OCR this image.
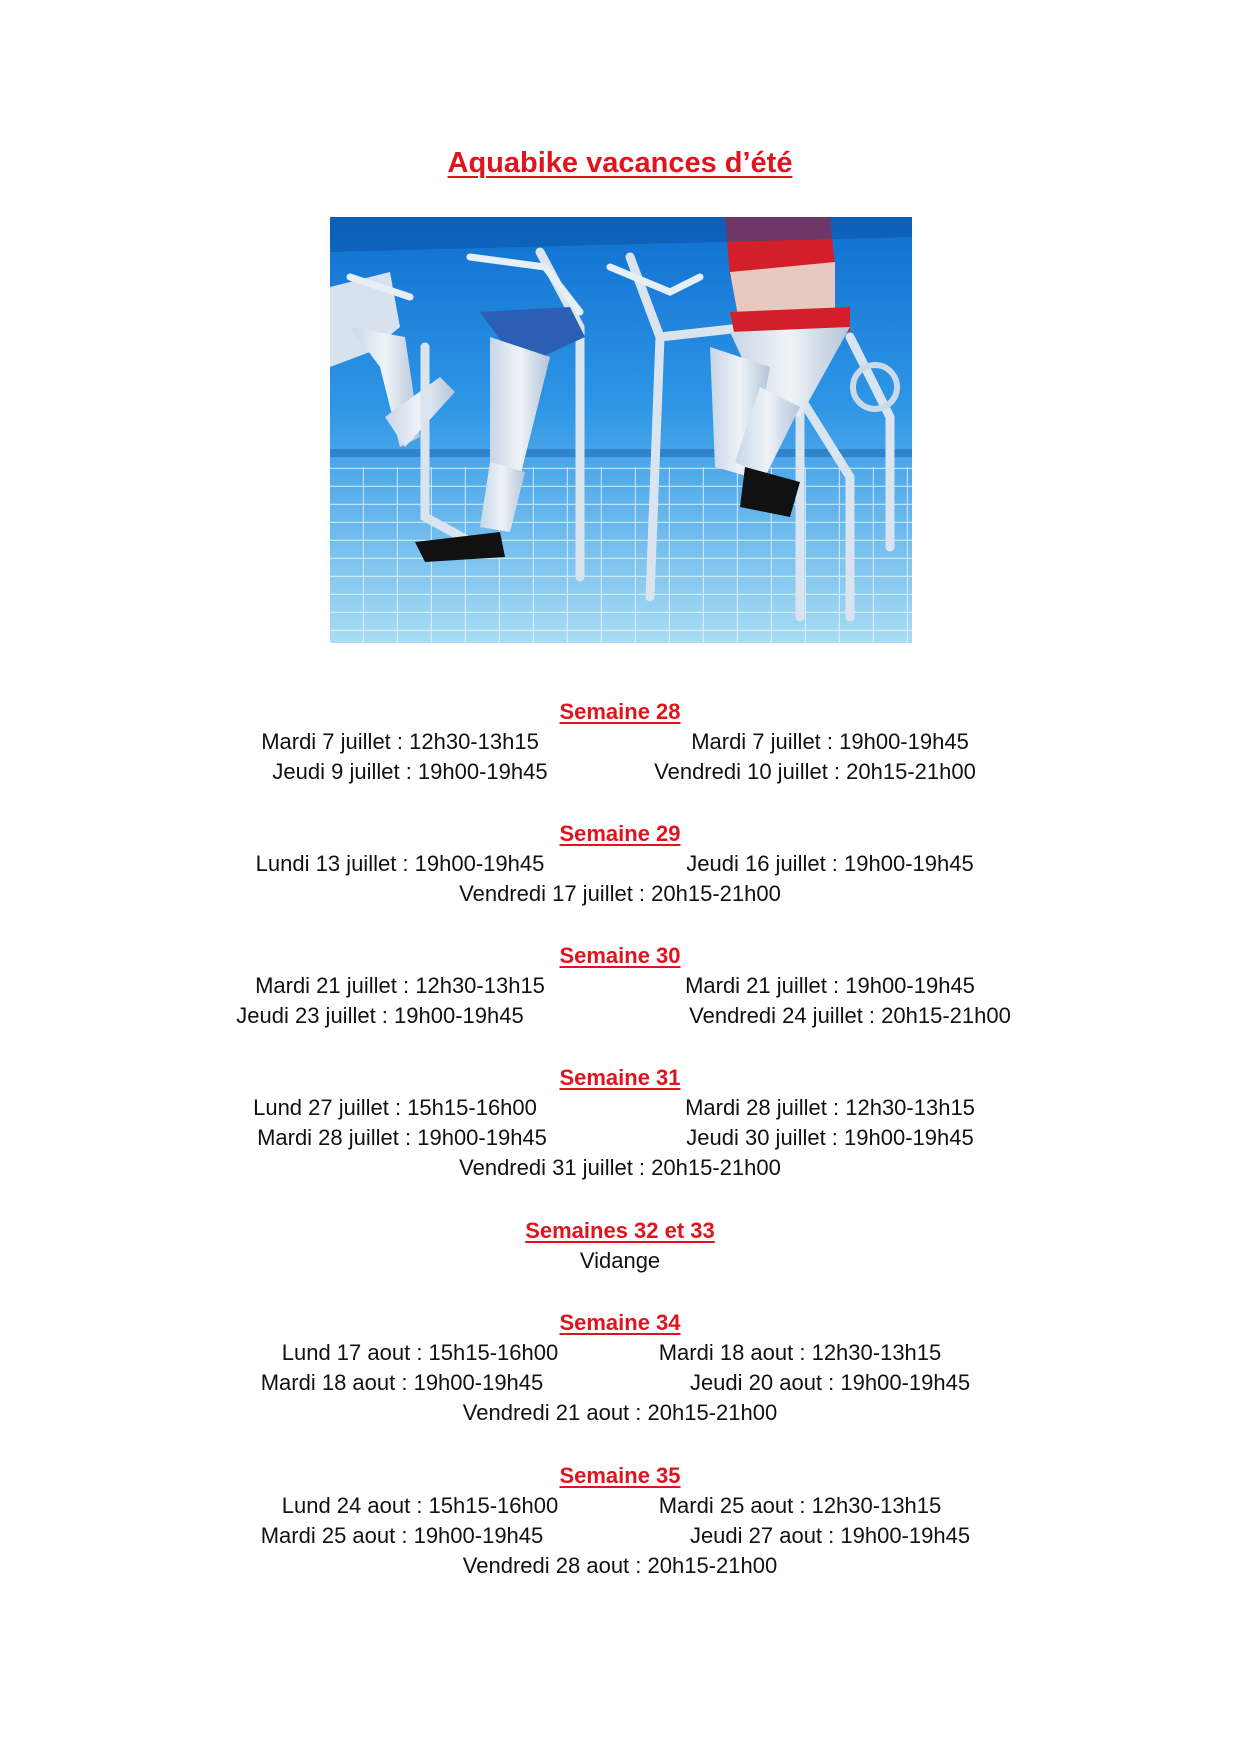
Aquabike vacances d’été
Semaine 28
Mardi 7 juillet : 12h30-13h15	Mardi 7 juillet : 19h00-19h45
Jeudi 9 juillet : 19h00-19h45	Vendredi 10 juillet : 20h15-21h00
Semaine 29
Lundi 13 juillet : 19h00-19h45	Jeudi 16 juillet : 19h00-19h45
Vendredi 17 juillet : 20h15-21h00
Semaine 30
Mardi 21 juillet : 12h30-13h15	Mardi 21 juillet : 19h00-19h45
Jeudi 23 juillet : 19h00-19h45	Vendredi 24 juillet : 20h15-21h00
Semaine 31
Lund 27 juillet : 15h15-16h00	Mardi 28 juillet : 12h30-13h15
Mardi 28 juillet : 19h00-19h45	Jeudi 30 juillet : 19h00-19h45
Vendredi 31 juillet : 20h15-21h00
Semaines 32 et 33
Vidange
Semaine 34
Lund 17 aout : 15h15-16h00	Mardi 18 aout : 12h30-13h15
Mardi 18 aout : 19h00-19h45	Jeudi 20 aout : 19h00-19h45
Vendredi 21 aout : 20h15-21h00
Semaine 35
Lund 24 aout : 15h15-16h00	Mardi 25 aout : 12h30-13h15
Mardi 25 aout : 19h00-19h45	Jeudi 27 aout : 19h00-19h45
Vendredi 28 aout : 20h15-21h00
